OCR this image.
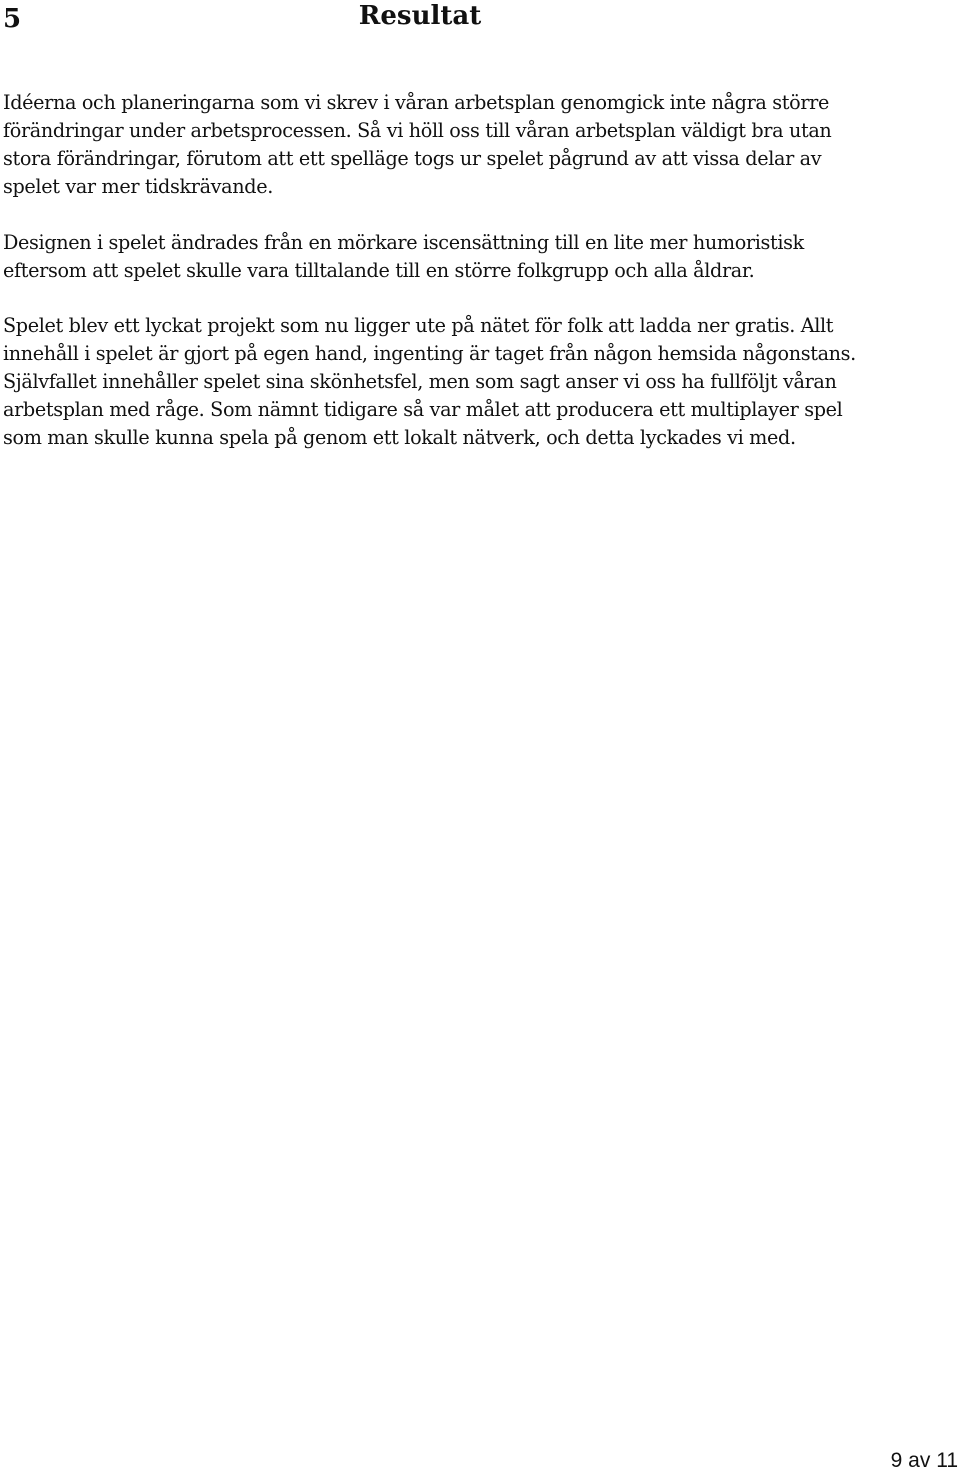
5	Resultat

Idéerna och planeringarna som vi skrev i våran arbetsplan genomgick inte några större
förändringar under arbetsprocessen. Så vi höll oss till våran arbetsplan väldigt bra utan
stora förändringar, förutom att ett spelläge togs ur spelet pågrund av att vissa delar av
spelet var mer tidskrävande.

Designen i spelet ändrades från en mörkare iscensättning till en lite mer humoristisk
eftersom att spelet skulle vara tilltalande till en större folkgrupp och alla åldrar.

Spelet blev ett lyckat projekt som nu ligger ute på nätet för folk att ladda ner gratis. Allt
innehåll i spelet är gjort på egen hand, ingenting är taget från någon hemsida någonstans.
Självfallet innehåller spelet sina skönhetsfel, men som sagt anser vi oss ha fullföljt våran
arbetsplan med råge. Som nämnt tidigare så var målet att producera ett multiplayer spel
som man skulle kunna spela på genom ett lokalt nätverk, och detta lyckades vi med.

9 av 11
